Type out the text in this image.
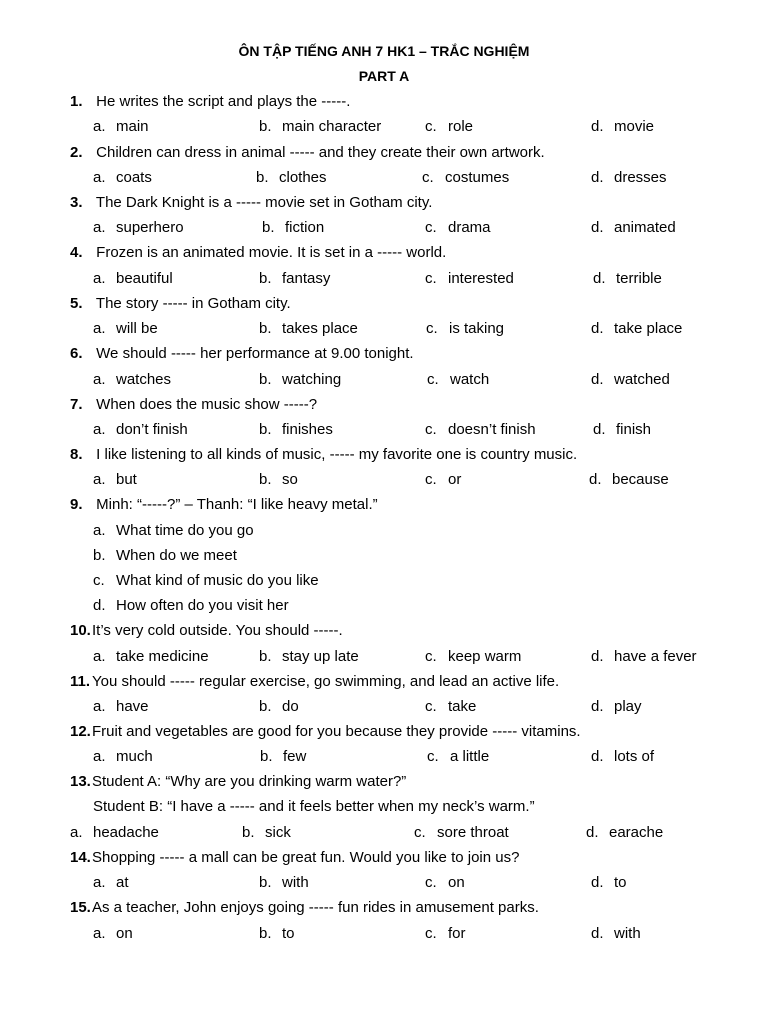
ÔN TẬP TIẾNG ANH 7 HK1 – TRẮC NGHIỆM
PART A
1. He writes the script and plays the -----.
a. main	b. main character	c. role	d. movie
2. Children can dress in animal ----- and they create their own artwork.
a. coats	b. clothes	c. costumes	d. dresses
3. The Dark Knight is a ----- movie set in Gotham city.
a. superhero	b. fiction	c. drama	d. animated
4. Frozen is an animated movie. It is set in a ----- world.
a. beautiful	b. fantasy	c. interested	d. terrible
5. The story ----- in Gotham city.
a. will be	b. takes place	c. is taking	d. take place
6. We should ----- her performance at 9.00 tonight.
a. watches	b. watching	c. watch	d. watched
7. When does the music show -----?
a. don’t finish	b. finishes	c. doesn’t finish	d. finish
8. I like listening to all kinds of music, ----- my favorite one is country music.
a. but	b. so	c. or	d. because
9. Minh: “-----?” – Thanh: “I like heavy metal.”
a. What time do you go
b. When do we meet
c. What kind of music do you like
d. How often do you visit her
10.It’s very cold outside. You should -----.
a. take medicine	b. stay up late	c. keep warm	d. have a fever
11. You should ----- regular exercise, go swimming, and lead an active life.
a. have	b. do	c. take	d. play
12.Fruit and vegetables are good for you because they provide ----- vitamins.
a. much	b. few	c. a little	d. lots of
13.Student A: “Why are you drinking warm water?”
Student B: “I have a ----- and it feels better when my neck’s warm.”
a. headache	b. sick	c. sore throat	d. earache
14.Shopping ----- a mall can be great fun. Would you like to join us?
a. at	b. with	c. on	d. to
15.As a teacher, John enjoys going ----- fun rides in amusement parks.
a. on	b. to	c. for	d. with
